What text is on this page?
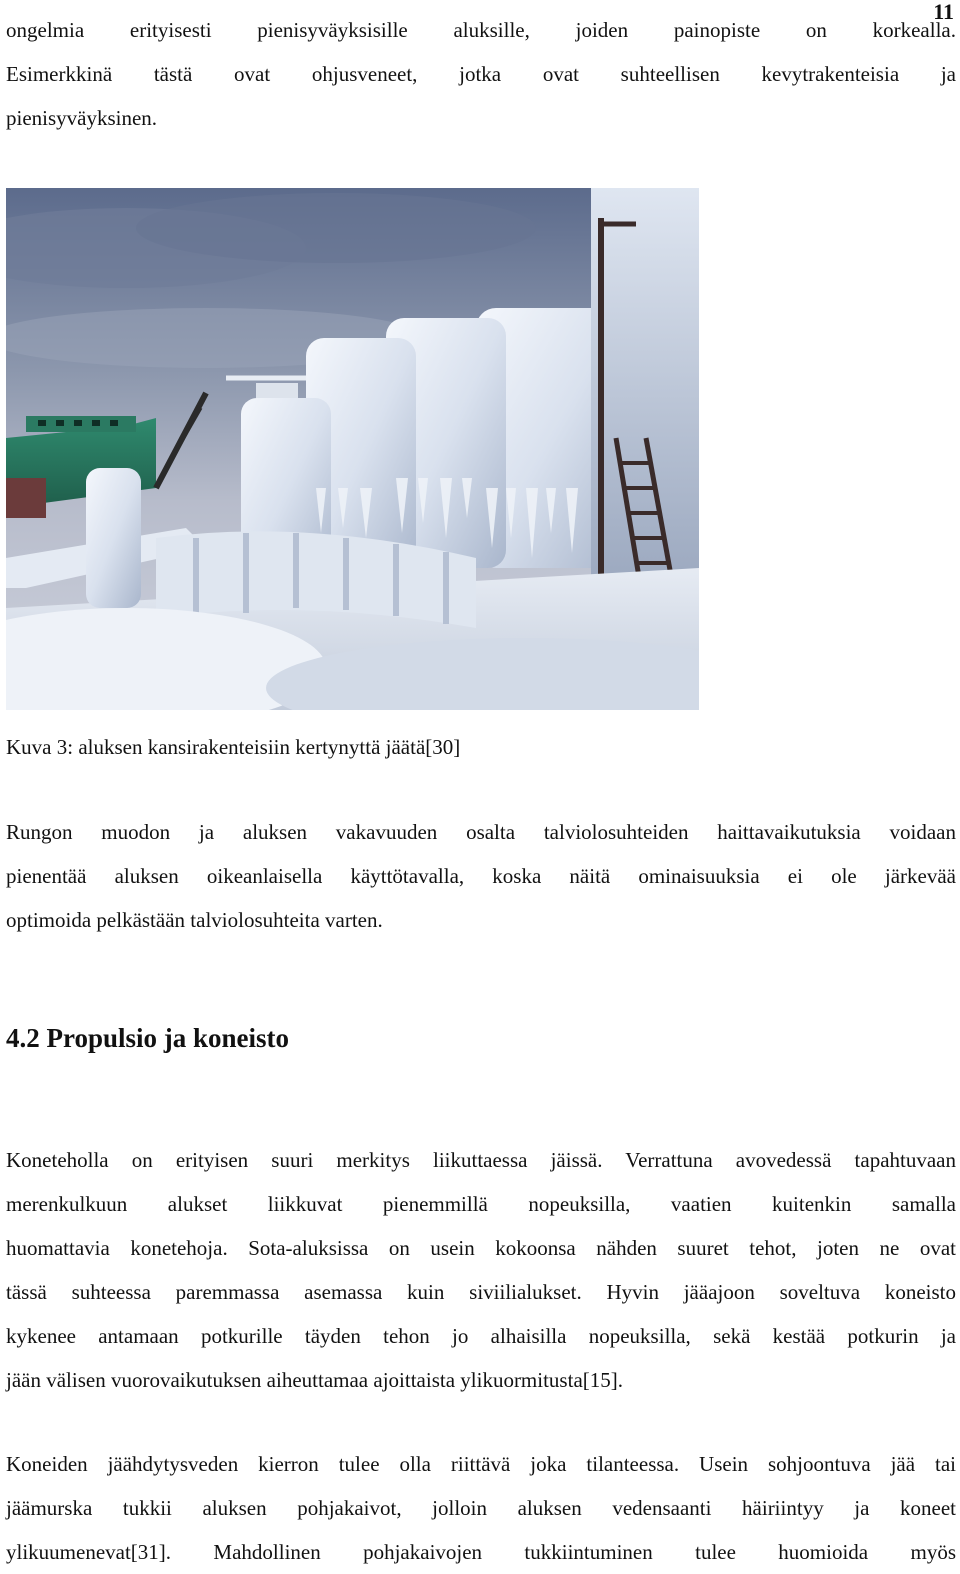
11

ongelmia erityisesti pienisyväyksisille aluksille, joiden painopiste on korkealla.
Esimerkkinä tästä ovat ohjusveneet, jotka ovat suhteellisen kevytrakenteisia ja
pienisyväyksinen.

Kuva 3: aluksen kansirakenteisiin kertynyttä jäätä[30]

Rungon muodon ja aluksen vakavuuden osalta talviolosuhteiden haittavaikutuksia voidaan
pienentää aluksen oikeanlaisella käyttötavalla, koska näitä ominaisuuksia ei ole järkevää
optimoida pelkästään talviolosuhteita varten.

4.2 Propulsio ja koneisto

Koneteholla on erityisen suuri merkitys liikuttaessa jäissä. Verrattuna avovedessä tapahtuvaan
merenkulkuun alukset liikkuvat pienemmillä nopeuksilla, vaatien kuitenkin samalla
huomattavia konetehoja. Sota-aluksissa on usein kokoonsa nähden suuret tehot, joten ne ovat
tässä suhteessa paremmassa asemassa kuin siviilialukset. Hyvin jääajoon soveltuva koneisto
kykenee antamaan potkurille täyden tehon jo alhaisilla nopeuksilla, sekä kestää potkurin ja
jään välisen vuorovaikutuksen aiheuttamaa ajoittaista ylikuormitusta[15].

Koneiden jäähdytysveden kierron tulee olla riittävä joka tilanteessa. Usein sohjoontuva jää tai
jäämurska tukkii aluksen pohjakaivot, jolloin aluksen vedensaanti häiriintyy ja koneet
ylikuumenevat[31]. Mahdollinen pohjakaivojen tukkiintuminen tulee huomioida myös
